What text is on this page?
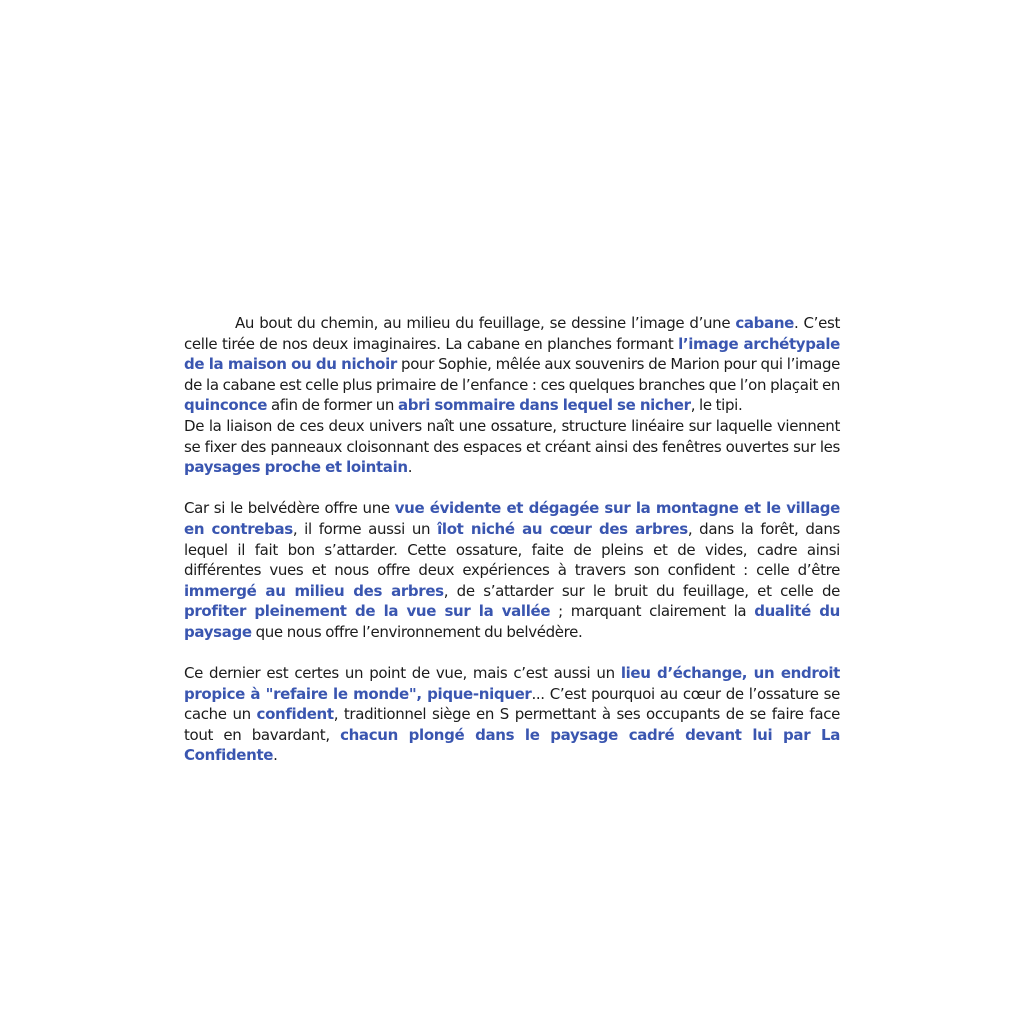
Au bout du chemin, au milieu du feuillage, se dessine l’image d’une cabane. C’est celle tirée de nos deux imaginaires. La cabane en planches formant l’image archétypale de la maison ou du nichoir pour Sophie, mêlée aux souvenirs de Marion pour qui l’image de la cabane est celle plus primaire de l’enfance : ces quelques branches que l’on plaçait en quinconce afin de former un abri sommaire dans lequel se nicher, le tipi.

De la liaison de ces deux univers naît une ossature, structure linéaire sur laquelle viennent se fixer des panneaux cloisonnant des espaces et créant ainsi des fenêtres ouvertes sur les paysages proche et lointain.

Car si le belvédère offre une vue évidente et dégagée sur la montagne et le village en contrebas, il forme aussi un îlot niché au cœur des arbres, dans la forêt, dans lequel il fait bon s’attarder. Cette ossature, faite de pleins et de vides, cadre ainsi différentes vues et nous offre deux expériences à travers son confident : celle d’être immergé au milieu des arbres, de s’attarder sur le bruit du feuillage, et celle de profiter pleinement de la vue sur la vallée ; marquant clairement la dualité du paysage que nous offre l’environnement du belvédère.

Ce dernier est certes un point de vue, mais c’est aussi un lieu d’échange, un endroit propice à "refaire le monde", pique-niquer... C’est pourquoi au cœur de l’ossature se cache un confident, traditionnel siège en S permettant à ses occupants de se faire face tout en bavardant, chacun plongé dans le paysage cadré devant lui par La Confidente.
